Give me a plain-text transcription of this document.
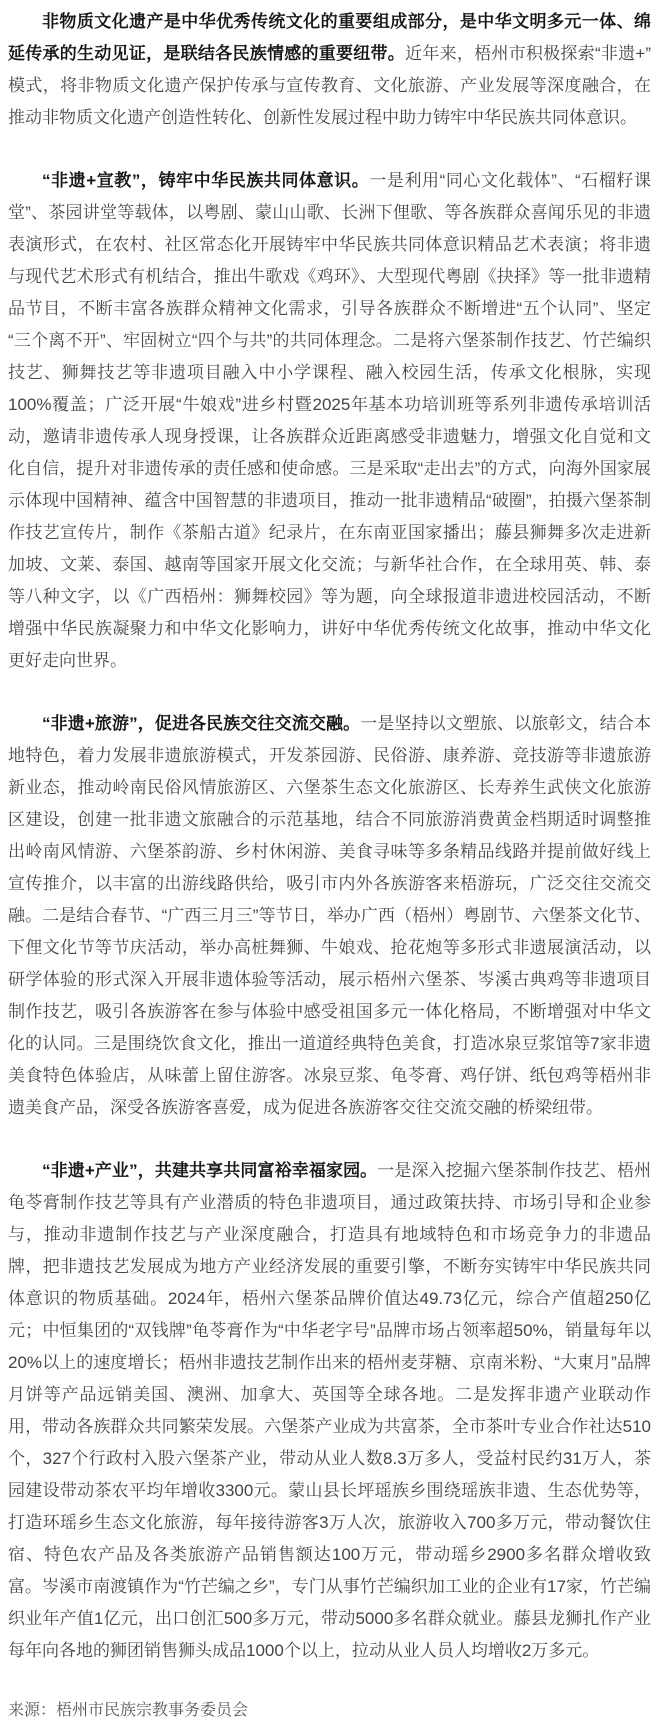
非物质文化遗产是中华优秀传统文化的重要组成部分，是中华文明多元一体、绵延传承的生动见证，是联结各民族情感的重要纽带。近年来，梧州市积极探索“非遗+”模式，将非物质文化遗产保护传承与宣传教育、文化旅游、产业发展等深度融合，在推动非物质文化遗产创造性转化、创新性发展过程中助力铸牢中华民族共同体意识。

“非遗+宣教”，铸牢中华民族共同体意识。一是利用“同心文化载体”、“石榴籽课堂”、茶园讲堂等载体，以粤剧、蒙山山歌、长洲下俚歌、等各族群众喜闻乐见的非遗表演形式，在农村、社区常态化开展铸牢中华民族共同体意识精品艺术表演；将非遗与现代艺术形式有机结合，推出牛歌戏《鸡环》、大型现代粤剧《抉择》等一批非遗精品节目，不断丰富各族群众精神文化需求，引导各族群众不断增进“五个认同”、坚定“三个离不开”、牢固树立“四个与共”的共同体理念。二是将六堡茶制作技艺、竹芒编织技艺、狮舞技艺等非遗项目融入中小学课程、融入校园生活，传承文化根脉，实现100%覆盖；广泛开展“牛娘戏”进乡村暨2025年基本功培训班等系列非遗传承培训活动，邀请非遗传承人现身授课，让各族群众近距离感受非遗魅力，增强文化自觉和文化自信，提升对非遗传承的责任感和使命感。三是采取“走出去”的方式，向海外国家展示体现中国精神、蕴含中国智慧的非遗项目，推动一批非遗精品“破圈”，拍摄六堡茶制作技艺宣传片，制作《茶船古道》纪录片，在东南亚国家播出；藤县狮舞多次走进新加坡、文莱、泰国、越南等国家开展文化交流；与新华社合作，在全球用英、韩、泰等八种文字，以《广西梧州：狮舞校园》等为题，向全球报道非遗进校园活动，不断增强中华民族凝聚力和中华文化影响力，讲好中华优秀传统文化故事，推动中华文化更好走向世界。

“非遗+旅游”，促进各民族交往交流交融。一是坚持以文塑旅、以旅彰文，结合本地特色，着力发展非遗旅游模式，开发茶园游、民俗游、康养游、竞技游等非遗旅游新业态，推动岭南民俗风情旅游区、六堡茶生态文化旅游区、长寿养生武侠文化旅游区建设，创建一批非遗文旅融合的示范基地，结合不同旅游消费黄金档期适时调整推出岭南风情游、六堡茶韵游、乡村休闲游、美食寻味等多条精品线路并提前做好线上宣传推介，以丰富的出游线路供给，吸引市内外各族游客来梧游玩，广泛交往交流交融。二是结合春节、“广西三月三”等节日，举办广西（梧州）粤剧节、六堡茶文化节、下俚文化节等节庆活动，举办高桩舞狮、牛娘戏、抢花炮等多形式非遗展演活动，以研学体验的形式深入开展非遗体验等活动，展示梧州六堡茶、岑溪古典鸡等非遗项目制作技艺，吸引各族游客在参与体验中感受祖国多元一体化格局，不断增强对中华文化的认同。三是围绕饮食文化，推出一道道经典特色美食，打造冰泉豆浆馆等7家非遗美食特色体验店，从味蕾上留住游客。冰泉豆浆、龟苓膏、鸡仔饼、纸包鸡等梧州非遗美食产品，深受各族游客喜爱，成为促进各族游客交往交流交融的桥梁纽带。

“非遗+产业”，共建共享共同富裕幸福家园。一是深入挖掘六堡茶制作技艺、梧州龟苓膏制作技艺等具有产业潜质的特色非遗项目，通过政策扶持、市场引导和企业参与，推动非遗制作技艺与产业深度融合，打造具有地域特色和市场竞争力的非遗品牌，把非遗技艺发展成为地方产业经济发展的重要引擎，不断夯实铸牢中华民族共同体意识的物质基础。2024年，梧州六堡茶品牌价值达49.73亿元，综合产值超250亿元；中恒集团的“双钱牌”龟苓膏作为“中华老字号”品牌市场占领率超50%，销量每年以20%以上的速度增长；梧州非遗技艺制作出来的梧州麦芽糖、京南米粉、“大東月”品牌月饼等产品远销美国、澳洲、加拿大、英国等全球各地。二是发挥非遗产业联动作用，带动各族群众共同繁荣发展。六堡茶产业成为共富茶，全市茶叶专业合作社达510个，327个行政村入股六堡茶产业，带动从业人数8.3万多人，受益村民约31万人，茶园建设带动茶农平均年增收3300元。蒙山县长坪瑶族乡围绕瑶族非遗、生态优势等，打造环瑶乡生态文化旅游，每年接待游客3万人次，旅游收入700多万元，带动餐饮住宿、特色农产品及各类旅游产品销售额达100万元，带动瑶乡2900多名群众增收致富。岑溪市南渡镇作为“竹芒编之乡”，专门从事竹芒编织加工业的企业有17家，竹芒编织业年产值1亿元，出口创汇500多万元，带动5000多名群众就业。藤县龙狮扎作产业每年向各地的狮团销售狮头成品1000个以上，拉动从业人员人均增收2万多元。

来源：梧州市民族宗教事务委员会
